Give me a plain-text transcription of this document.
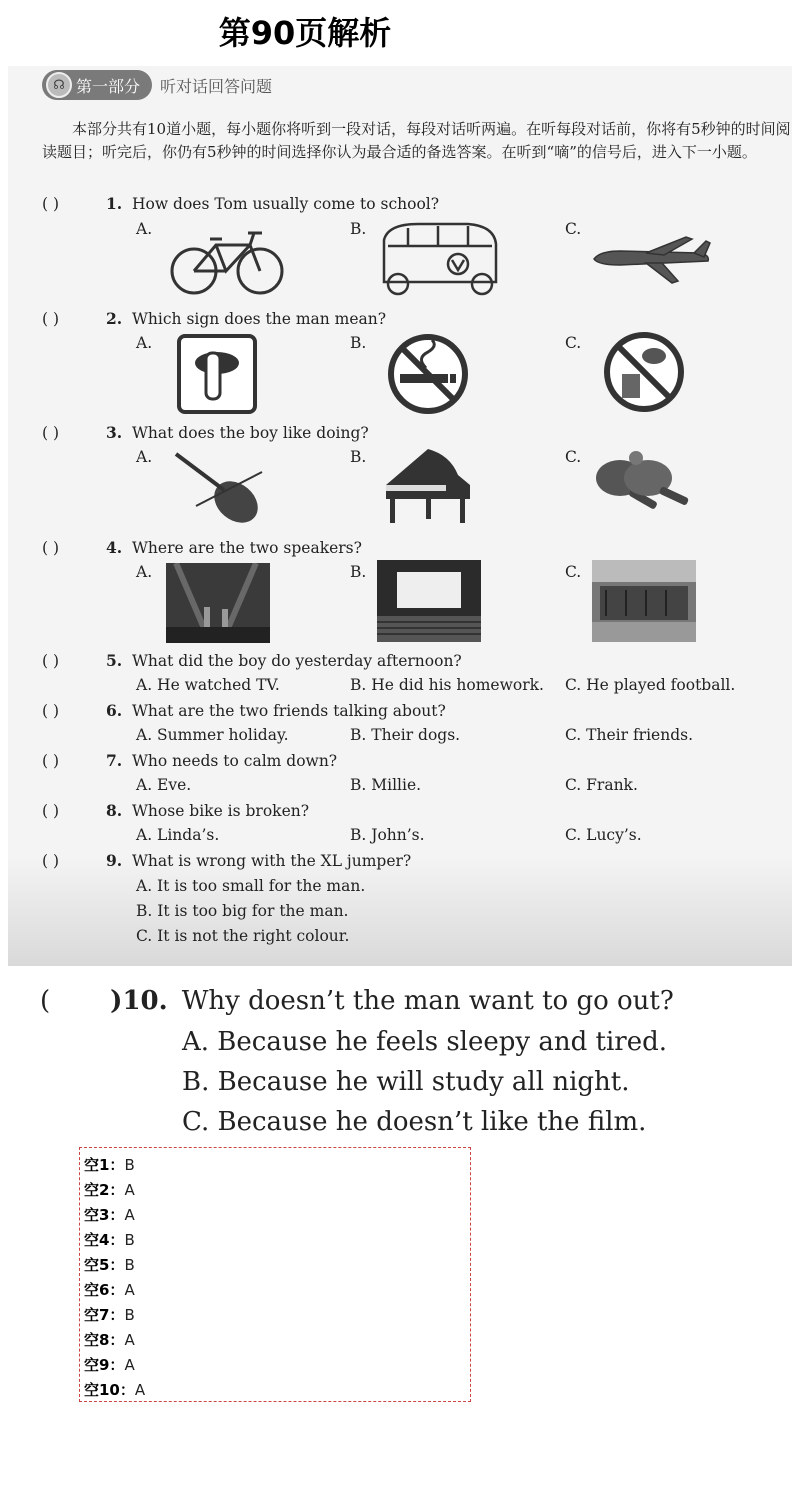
第90页解析
☊ 第一部分 听对话回答问题
本部分共有10道小题，每小题你将听到一段对话，每段对话听两遍。在听每段对话前，你将有5秒钟的时间阅读题目；听完后，你仍有5秒钟的时间选择你认为最合适的备选答案。在听到“嘀”的信号后，进入下一小题。
( )	1. How does Tom usually come to school?
A.	B.	C.
( )	2. Which sign does the man mean?
A.	B.	C.
( )	3. What does the boy like doing?
A.	B.	C.
( )	4. Where are the two speakers?
A.	B.	C.
( )	5. What did the boy do yesterday afternoon?
A. He watched TV.	B. He did his homework. C. He played football.
( )	6. What are the two friends talking about?
A. Summer holiday.	B. Their dogs.	C. Their friends.
( )	7. Who needs to calm down?
A. Eve.	B. Millie.	C. Frank.
( )	8. Whose bike is broken?
A. Linda’s.	B. John’s.	C. Lucy’s.
( )	9. What is wrong with the XL jumper?
A. It is too small for the man.
B. It is too big for the man.
C. It is not the right colour.
( )10. Why doesn’t the man want to go out?
A. Because he feels sleepy and tired.
B. Because he will study all night.
C. Because he doesn’t like the film.
空1：B
空2：A
空3：A
空4：B
空5：B
空6：A
空7：B
空8：A
空9：A
空10：A
